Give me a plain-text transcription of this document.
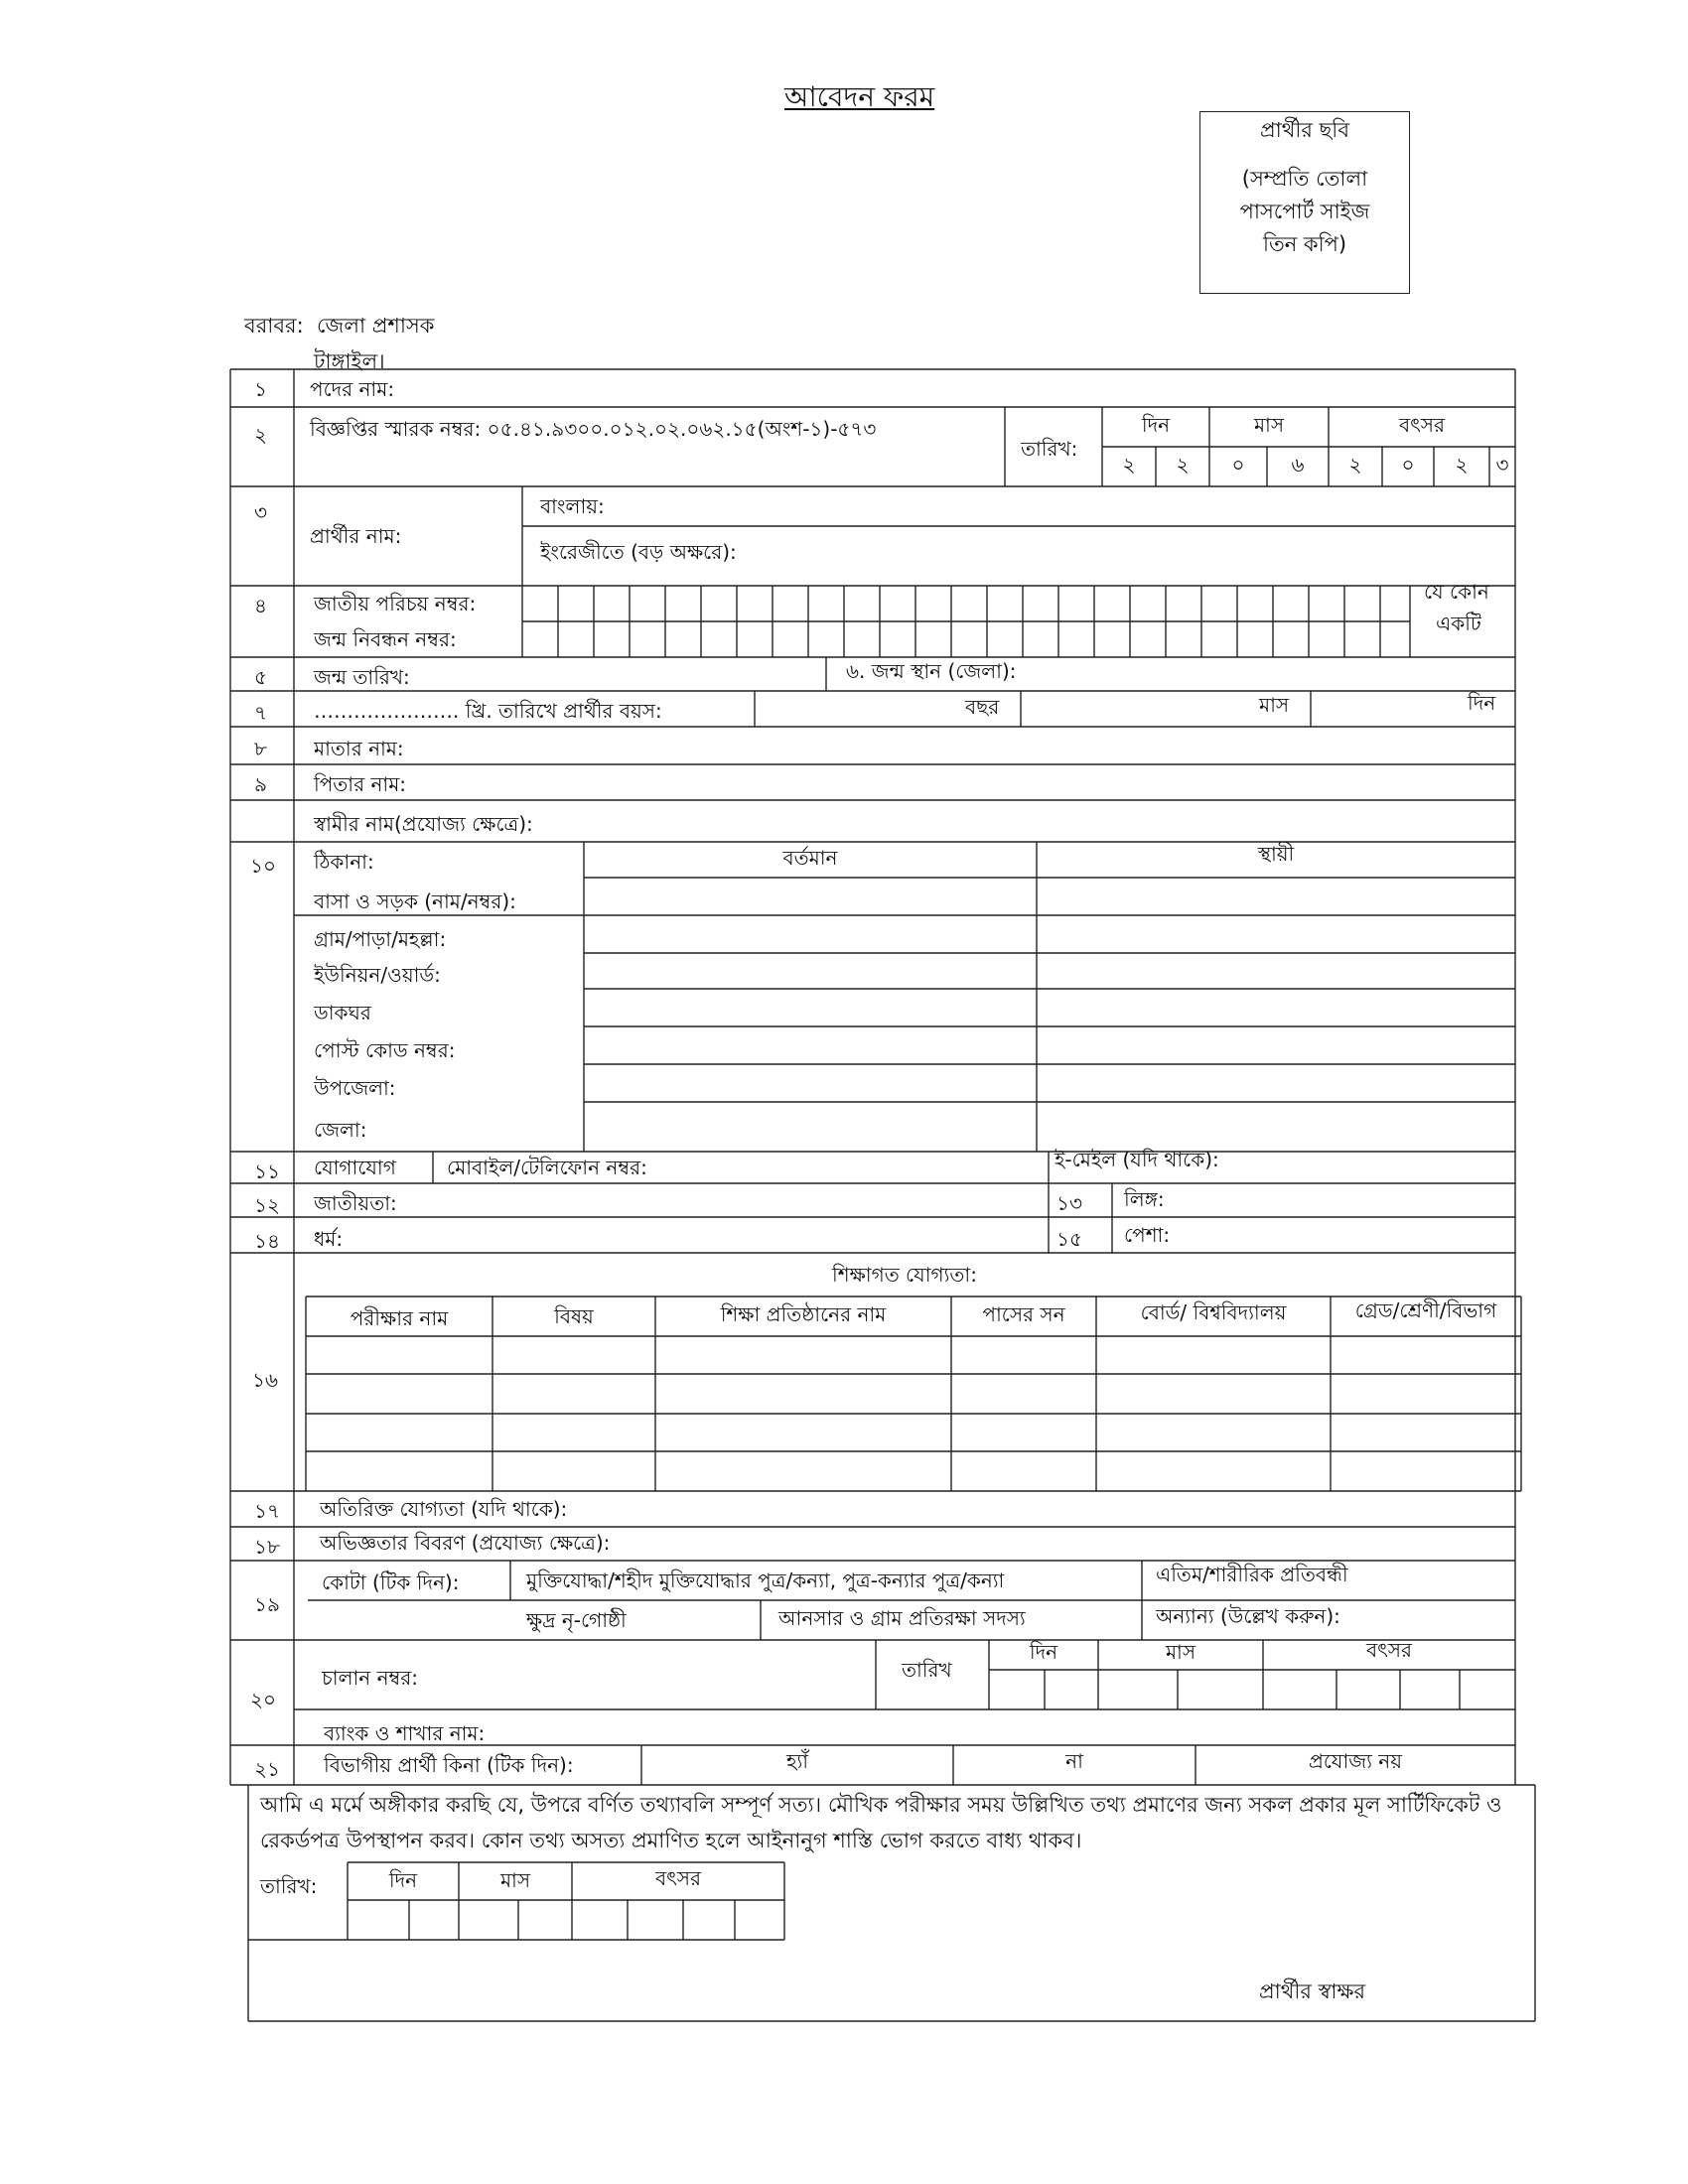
আবেদন ফরম
প্রার্থীর ছবি
(সম্প্রতি তোলা
পাসপোর্ট সাইজ
তিন কপি)
বরাবর: জেলা প্রশাসক
টাঙ্গাইল।
১ পদের নাম:
২ বিজ্ঞপ্তির স্মারক নম্বর: ০৫.৪১.৯৩০০.০১২.০২.০৬২.১৫(অংশ-১)-৫৭৩
তারিখ:
দিন	মাস	বৎসর
২	২	০	৬	২	০	২	৩
৩
প্রার্থীর নাম:
বাংলায়:
ইংরেজীতে (বড় অক্ষরে):
৪ জাতীয় পরিচয় নম্বর:
জন্ম নিবন্ধন নম্বর:
যে কোন
একটি
৫ জন্ম তারিখ:	৬. জন্ম স্থান (জেলা):
৭ …………………. খ্রি. তারিখে প্রার্থীর বয়স:	বছর	মাস	দিন
৮ মাতার নাম:
৯ পিতার নাম:
স্বামীর নাম(প্রযোজ্য ক্ষেত্রে):
১০ ঠিকানা:	বর্তমান	স্থায়ী
বাসা ও সড়ক (নাম/নম্বর):
গ্রাম/পাড়া/মহল্লা:
ইউনিয়ন/ওয়ার্ড:
ডাকঘর
পোস্ট কোড নম্বর:
উপজেলা:
জেলা:
১১ যোগাযোগ	মোবাইল/টেলিফোন নম্বর:	ই-মেইল (যদি থাকে):
১২ জাতীয়তা:	১৩ লিঙ্গ:
১৪ ধর্ম:	১৫ পেশা:
১৬
শিক্ষাগত যোগ্যতা:
পরীক্ষার নাম	বিষয়	শিক্ষা প্রতিষ্ঠানের নাম	পাসের সন	বোর্ড/ বিশ্ববিদ্যালয়	গ্রেড/শ্রেণী/বিভাগ
১৭ অতিরিক্ত যোগ্যতা (যদি থাকে):
১৮ অভিজ্ঞতার বিবরণ (প্রযোজ্য ক্ষেত্রে):
১৯
কোটা (টিক দিন):	মুক্তিযোদ্ধা/শহীদ মুক্তিযোদ্ধার পুত্র/কন্যা, পুত্র-কন্যার পুত্র/কন্যা	এতিম/শারীরিক প্রতিবন্ধী
ক্ষুদ্র নৃ-গোষ্ঠী	আনসার ও গ্রাম প্রতিরক্ষা সদস্য	অন্যান্য (উল্লেখ করুন):
২০
চালান নম্বর:	তারিখ
দিন	মাস	বৎসর
ব্যাংক ও শাখার নাম:
২১ বিভাগীয় প্রার্থী কিনা (টিক দিন):	হ্যাঁ	না	প্রযোজ্য নয়
আমি এ মর্মে অঙ্গীকার করছি যে, উপরে বর্ণিত তথ্যাবলি সম্পূর্ণ সত্য। মৌখিক পরীক্ষার সময় উল্লিখিত তথ্য প্রমাণের জন্য সকল প্রকার মূল সার্টিফিকেট ও রেকর্ডপত্র উপস্থাপন করব। কোন তথ্য অসত্য প্রমাণিত হলে আইনানুগ শাস্তি ভোগ করতে বাধ্য থাকব।
তারিখ:	দিন	মাস	বৎসর
প্রার্থীর স্বাক্ষর
